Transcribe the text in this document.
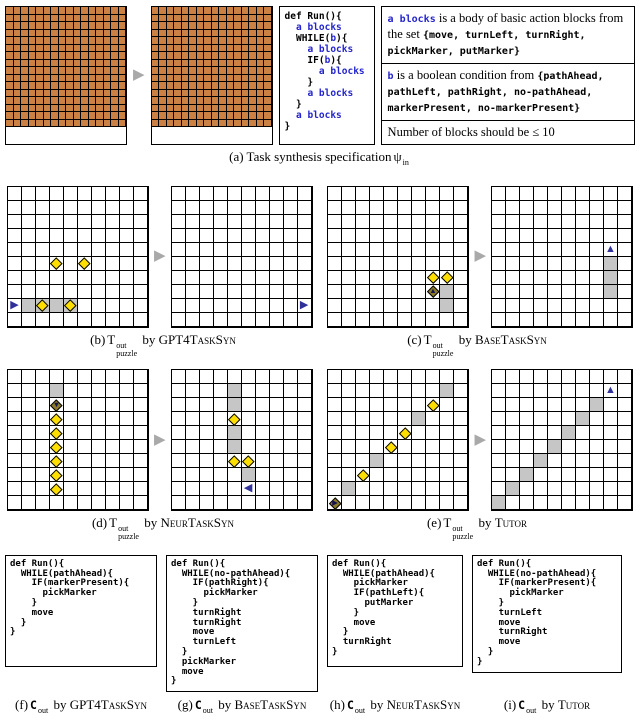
▶
def Run(){
a blocks
WHILE(b){
a blocks
IF(b){
a blocks
}
a blocks
}
a blocks
}
a blocks is a body of basic action blocks from the set {move, turnLeft, turnRight, pickMarker, putMarker}
b is a boolean condition from {pathAhead, pathLeft, pathRight, no-pathAhead, markerPresent, no-markerPresent}
Number of blocks should be ≤ 10
(a) Task synthesis specification ψ in
▶
▶
▶
▲
▶	▲
(b) T out
puzzle
by GPT4TaskSyn	(c) T out
puzzle
by BaseTaskSyn
▼
▶
◀
▶
▶
▲
(d) T out
puzzle
by NeurTaskSyn	(e) T out
puzzle
by Tutor
def Run(){
WHILE(pathAhead){
IF(markerPresent){
pickMarker
}
move
}
}
def Run(){
WHILE(no-pathAhead){
IF(pathRight){
pickMarker
}
turnRight
turnRight
move
turnLeft
}
pickMarker
move
}
def Run(){
WHILE(pathAhead){
pickMarker
IF(pathLeft){
putMarker
}
move
}
turnRight
}
def Run(){
WHILE(no-pathAhead){
IF(markerPresent){
pickMarker
}
turnLeft
move
turnRight
move
}
}
(f) C out by GPT4TaskSyn	(g) C out by BaseTaskSyn	(h) C out by NeurTaskSyn	(i) C out by Tutor
